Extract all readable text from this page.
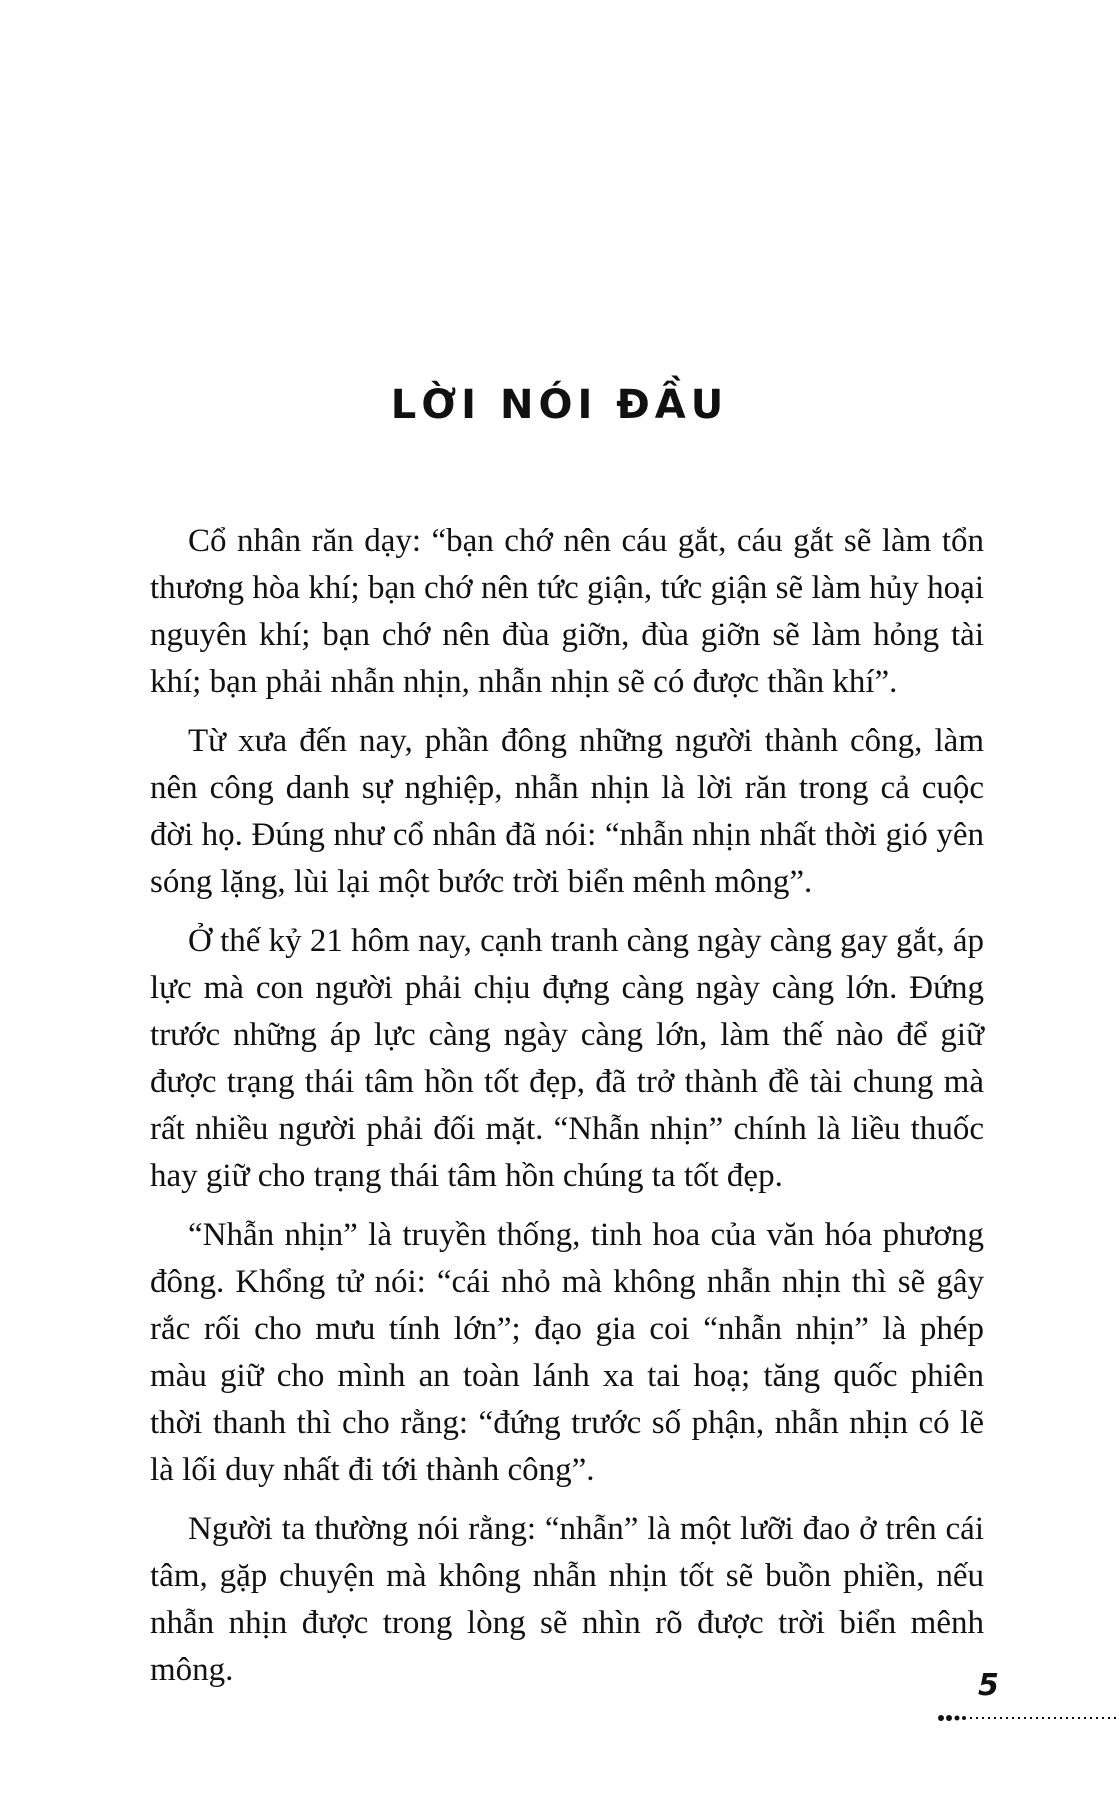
LỜI NÓI ĐẦU

Cổ nhân răn dạy: “bạn chớ nên cáu gắt, cáu gắt sẽ làm tổn thương hòa khí; bạn chớ nên tức giận, tức giận sẽ làm hủy hoại nguyên khí; bạn chớ nên đùa giỡn, đùa giỡn sẽ làm hỏng tài khí; bạn phải nhẫn nhịn, nhẫn nhịn sẽ có được thần khí”.

Từ xưa đến nay, phần đông những người thành công, làm nên công danh sự nghiệp, nhẫn nhịn là lời răn trong cả cuộc đời họ. Đúng như cổ nhân đã nói: “nhẫn nhịn nhất thời gió yên sóng lặng, lùi lại một bước trời biển mênh mông”.

Ở thế kỷ 21 hôm nay, cạnh tranh càng ngày càng gay gắt, áp lực mà con người phải chịu đựng càng ngày càng lớn. Đứng trước những áp lực càng ngày càng lớn, làm thế nào để giữ được trạng thái tâm hồn tốt đẹp, đã trở thành đề tài chung mà rất nhiều người phải đối mặt. “Nhẫn nhịn” chính là liều thuốc hay giữ cho trạng thái tâm hồn chúng ta tốt đẹp.

“Nhẫn nhịn” là truyền thống, tinh hoa của văn hóa phương đông. Khổng tử nói: “cái nhỏ mà không nhẫn nhịn thì sẽ gây rắc rối cho mưu tính lớn”; đạo gia coi “nhẫn nhịn” là phép màu giữ cho mình an toàn lánh xa tai hoạ; tăng quốc phiên thời thanh thì cho rằng: “đứng trước số phận, nhẫn nhịn có lẽ là lối duy nhất đi tới thành công”.

Người ta thường nói rằng: “nhẫn” là một lưỡi đao ở trên cái tâm, gặp chuyện mà không nhẫn nhịn tốt sẽ buồn phiền, nếu nhẫn nhịn được trong lòng sẽ nhìn rõ được trời biển mênh mông.	5
